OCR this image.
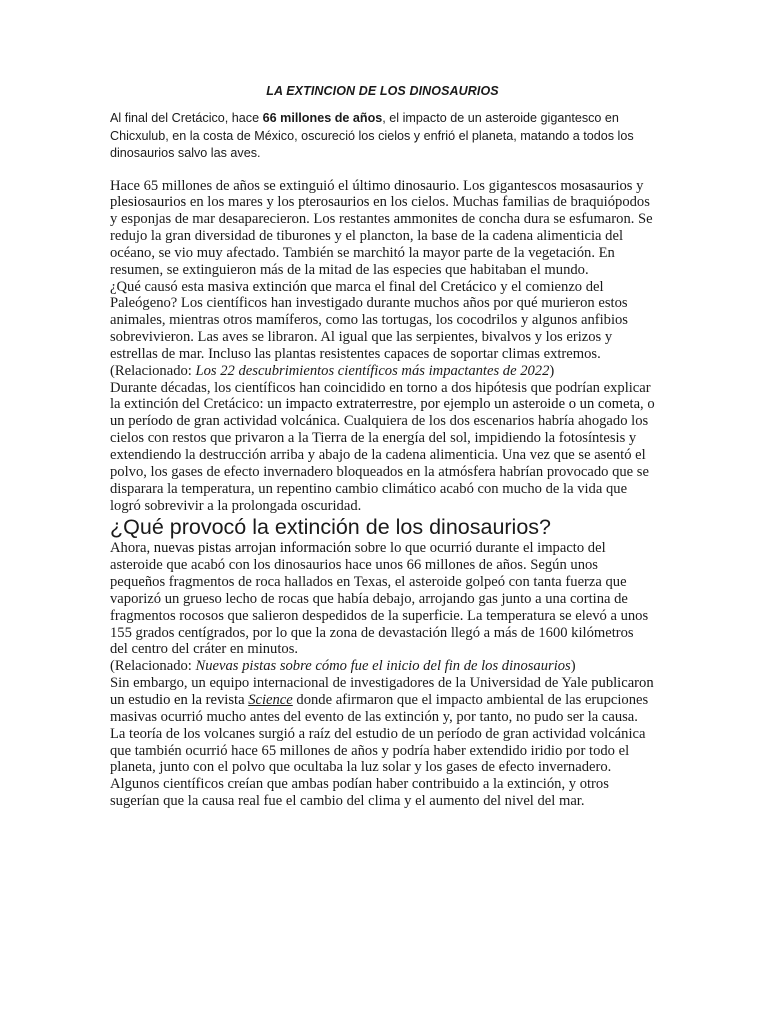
LA EXTINCION DE LOS DINOSAURIOS

Al final del Cretácico, hace 66 millones de años, el impacto de un asteroide gigantesco en Chicxulub, en la costa de México, oscureció los cielos y enfrió el planeta, matando a todos los dinosaurios salvo las aves.

Hace 65 millones de años se extinguió el último dinosaurio. Los gigantescos mosasaurios y plesiosaurios en los mares y los pterosaurios en los cielos. Muchas familias de braquiópodos y esponjas de mar desaparecieron. Los restantes ammonites de concha dura se esfumaron. Se redujo la gran diversidad de tiburones y el plancton, la base de la cadena alimenticia del océano, se vio muy afectado. También se marchitó la mayor parte de la vegetación. En resumen, se extinguieron más de la mitad de las especies que habitaban el mundo.

¿Qué causó esta masiva extinción que marca el final del Cretácico y el comienzo del Paleógeno? Los científicos han investigado durante muchos años por qué murieron estos animales, mientras otros mamíferos, como las tortugas, los cocodrilos y algunos anfibios sobrevivieron. Las aves se libraron. Al igual que las serpientes, bivalvos y los erizos y estrellas de mar. Incluso las plantas resistentes capaces de soportar climas extremos.

(Relacionado: Los 22 descubrimientos científicos más impactantes de 2022)

Durante décadas, los científicos han coincidido en torno a dos hipótesis que podrían explicar la extinción del Cretácico: un impacto extraterrestre, por ejemplo un asteroide o un cometa, o un período de gran actividad volcánica. Cualquiera de los dos escenarios habría ahogado los cielos con restos que privaron a la Tierra de la energía del sol, impidiendo la fotosíntesis y extendiendo la destrucción arriba y abajo de la cadena alimenticia. Una vez que se asentó el polvo, los gases de efecto invernadero bloqueados en la atmósfera habrían provocado que se disparara la temperatura, un repentino cambio climático acabó con mucho de la vida que logró sobrevivir a la prolongada oscuridad.

¿Qué provocó la extinción de los dinosaurios?

Ahora, nuevas pistas arrojan información sobre lo que ocurrió durante el impacto del asteroide que acabó con los dinosaurios hace unos 66 millones de años. Según unos pequeños fragmentos de roca hallados en Texas, el asteroide golpeó con tanta fuerza que vaporizó un grueso lecho de rocas que había debajo, arrojando gas junto a una cortina de fragmentos rocosos que salieron despedidos de la superficie. La temperatura se elevó a unos 155 grados centígrados, por lo que la zona de devastación llegó a más de 1600 kilómetros del centro del cráter en minutos.

(Relacionado: Nuevas pistas sobre cómo fue el inicio del fin de los dinosaurios)

Sin embargo, un equipo internacional de investigadores de la Universidad de Yale publicaron un estudio en la revista Science donde afirmaron que el impacto ambiental de las erupciones masivas ocurrió mucho antes del evento de las extinción y, por tanto, no pudo ser la causa.

La teoría de los volcanes surgió a raíz del estudio de un período de gran actividad volcánica que también ocurrió hace 65 millones de años y podría haber extendido iridio por todo el planeta, junto con el polvo que ocultaba la luz solar y los gases de efecto invernadero. Algunos científicos creían que ambas podían haber contribuido a la extinción, y otros sugerían que la causa real fue el cambio del clima y el aumento del nivel del mar.
